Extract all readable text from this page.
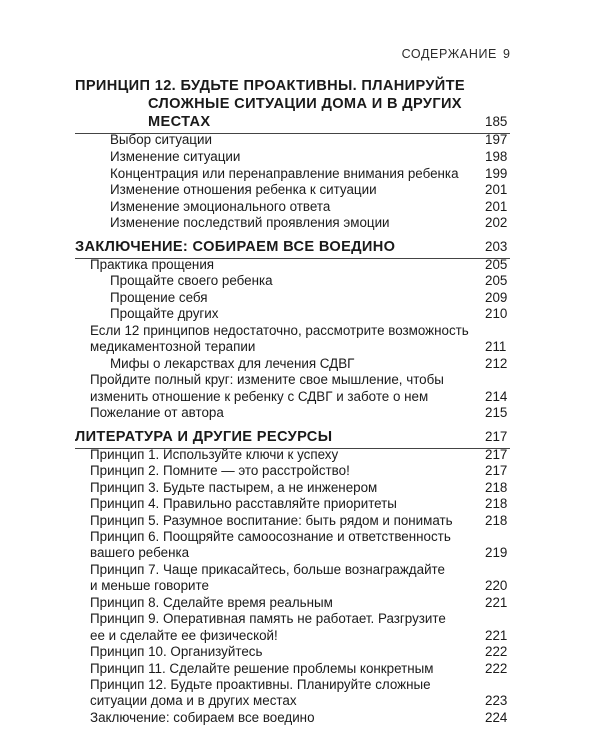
СОДЕРЖАНИЕ 9
ПРИНЦИП 12. БУДЬТЕ ПРОАКТИВНЫ. ПЛАНИРУЙТЕ
СЛОЖНЫЕ СИТУАЦИИ ДОМА И В ДРУГИХ
МЕСТАХ	185
Выбор ситуации	197
Изменение ситуации	198
Концентрация или перенаправление внимания ребенка 199
Изменение отношения ребенка к ситуации	201
Изменение эмоционального ответа	201
Изменение последствий проявления эмоции	202
ЗАКЛЮЧЕНИЕ: СОБИРАЕМ ВСЕ ВОЕДИНО	203
Практика прощения	205
Прощайте своего ребенка	205
Прощение себя	209
Прощайте других	210
Если 12 принципов недостаточно, рассмотрите возможность
медикаментозной терапии	211
Мифы о лекарствах для лечения СДВГ	212
Пройдите полный круг: измените свое мышление, чтобы
изменить отношение к ребенку с СДВГ и заботе о нем	214
Пожелание от автора	215
ЛИТЕРАТУРА И ДРУГИЕ РЕСУРСЫ	217
Принцип 1. Используйте ключи к успеху	217
Принцип 2. Помните — это расстройство!	217
Принцип 3. Будьте пастырем, а не инженером	218
Принцип 4. Правильно расставляйте приоритеты	218
Принцип 5. Разумное воспитание: быть рядом и понимать 218
Принцип 6. Поощряйте самоосознание и ответственность
вашего ребенка	219
Принцип 7. Чаще прикасайтесь, больше вознаграждайте
и меньше говорите	220
Принцип 8. Сделайте время реальным	221
Принцип 9. Оперативная память не работает. Разгрузите
ее и сделайте ее физической!	221
Принцип 10. Организуйтесь	222
Принцип 11. Сделайте решение проблемы конкретным	222
Принцип 12. Будьте проактивны. Планируйте сложные
ситуации дома и в других местах	223
Заключение: собираем все воедино	224
